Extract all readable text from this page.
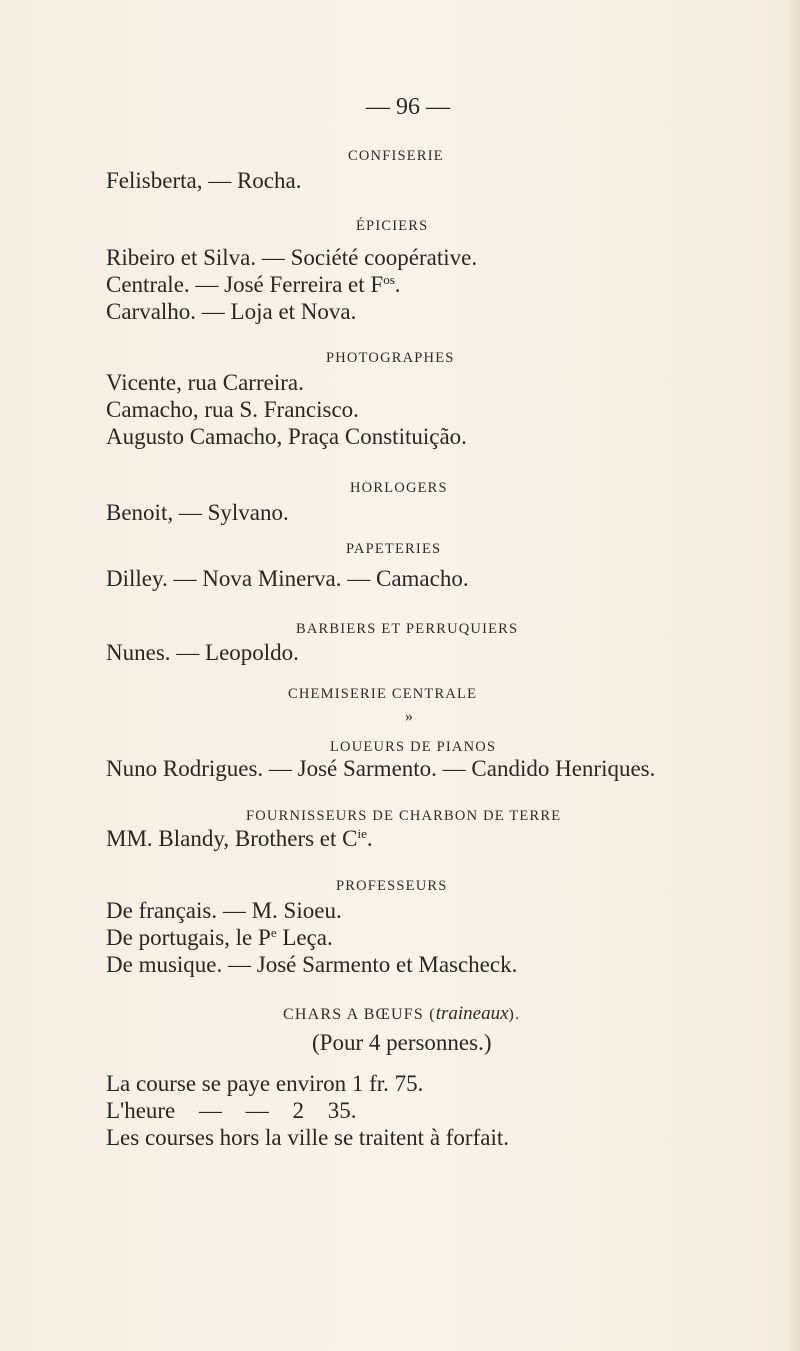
— 96 —
CONFISERIE
Felisberta, — Rocha.
ÉPICIERS
Ribeiro et Silva. — Société coopérative.
Centrale. — José Ferreira et $F^{os}$.
Carvalho. — Loja et Nova.
PHOTOGRAPHES
Vicente, rua Carreira.
Camacho, rua S. Francisco.
Augusto Camacho, Praça Constituição.
HORLOGERS
Benoit, — Sylvano.
PAPETERIES
Dilley. — Nova Minerva. — Camacho.
BARBIERS ET PERRUQUIERS
Nunes. — Leopoldo.
CHEMISERIE CENTRALE
»
LOUEURS DE PIANOS
Nuno Rodrigues. — José Sarmento. — Candido Henriques.
FOURNISSEURS DE CHARBON DE TERRE
MM. Blandy, Brothers et $C^{ie}$.
PROFESSEURS
De français. — M. Sioeu.
De portugais, le $P^e$ Leça.
De musique. — José Sarmento et Mascheck.
CHARS A BŒUFS (traineaux).
(Pour 4 personnes.)
La course se paye environ 1 fr. 75.
L'heure — — 2 35.
Les courses hors la ville se traitent à forfait.
